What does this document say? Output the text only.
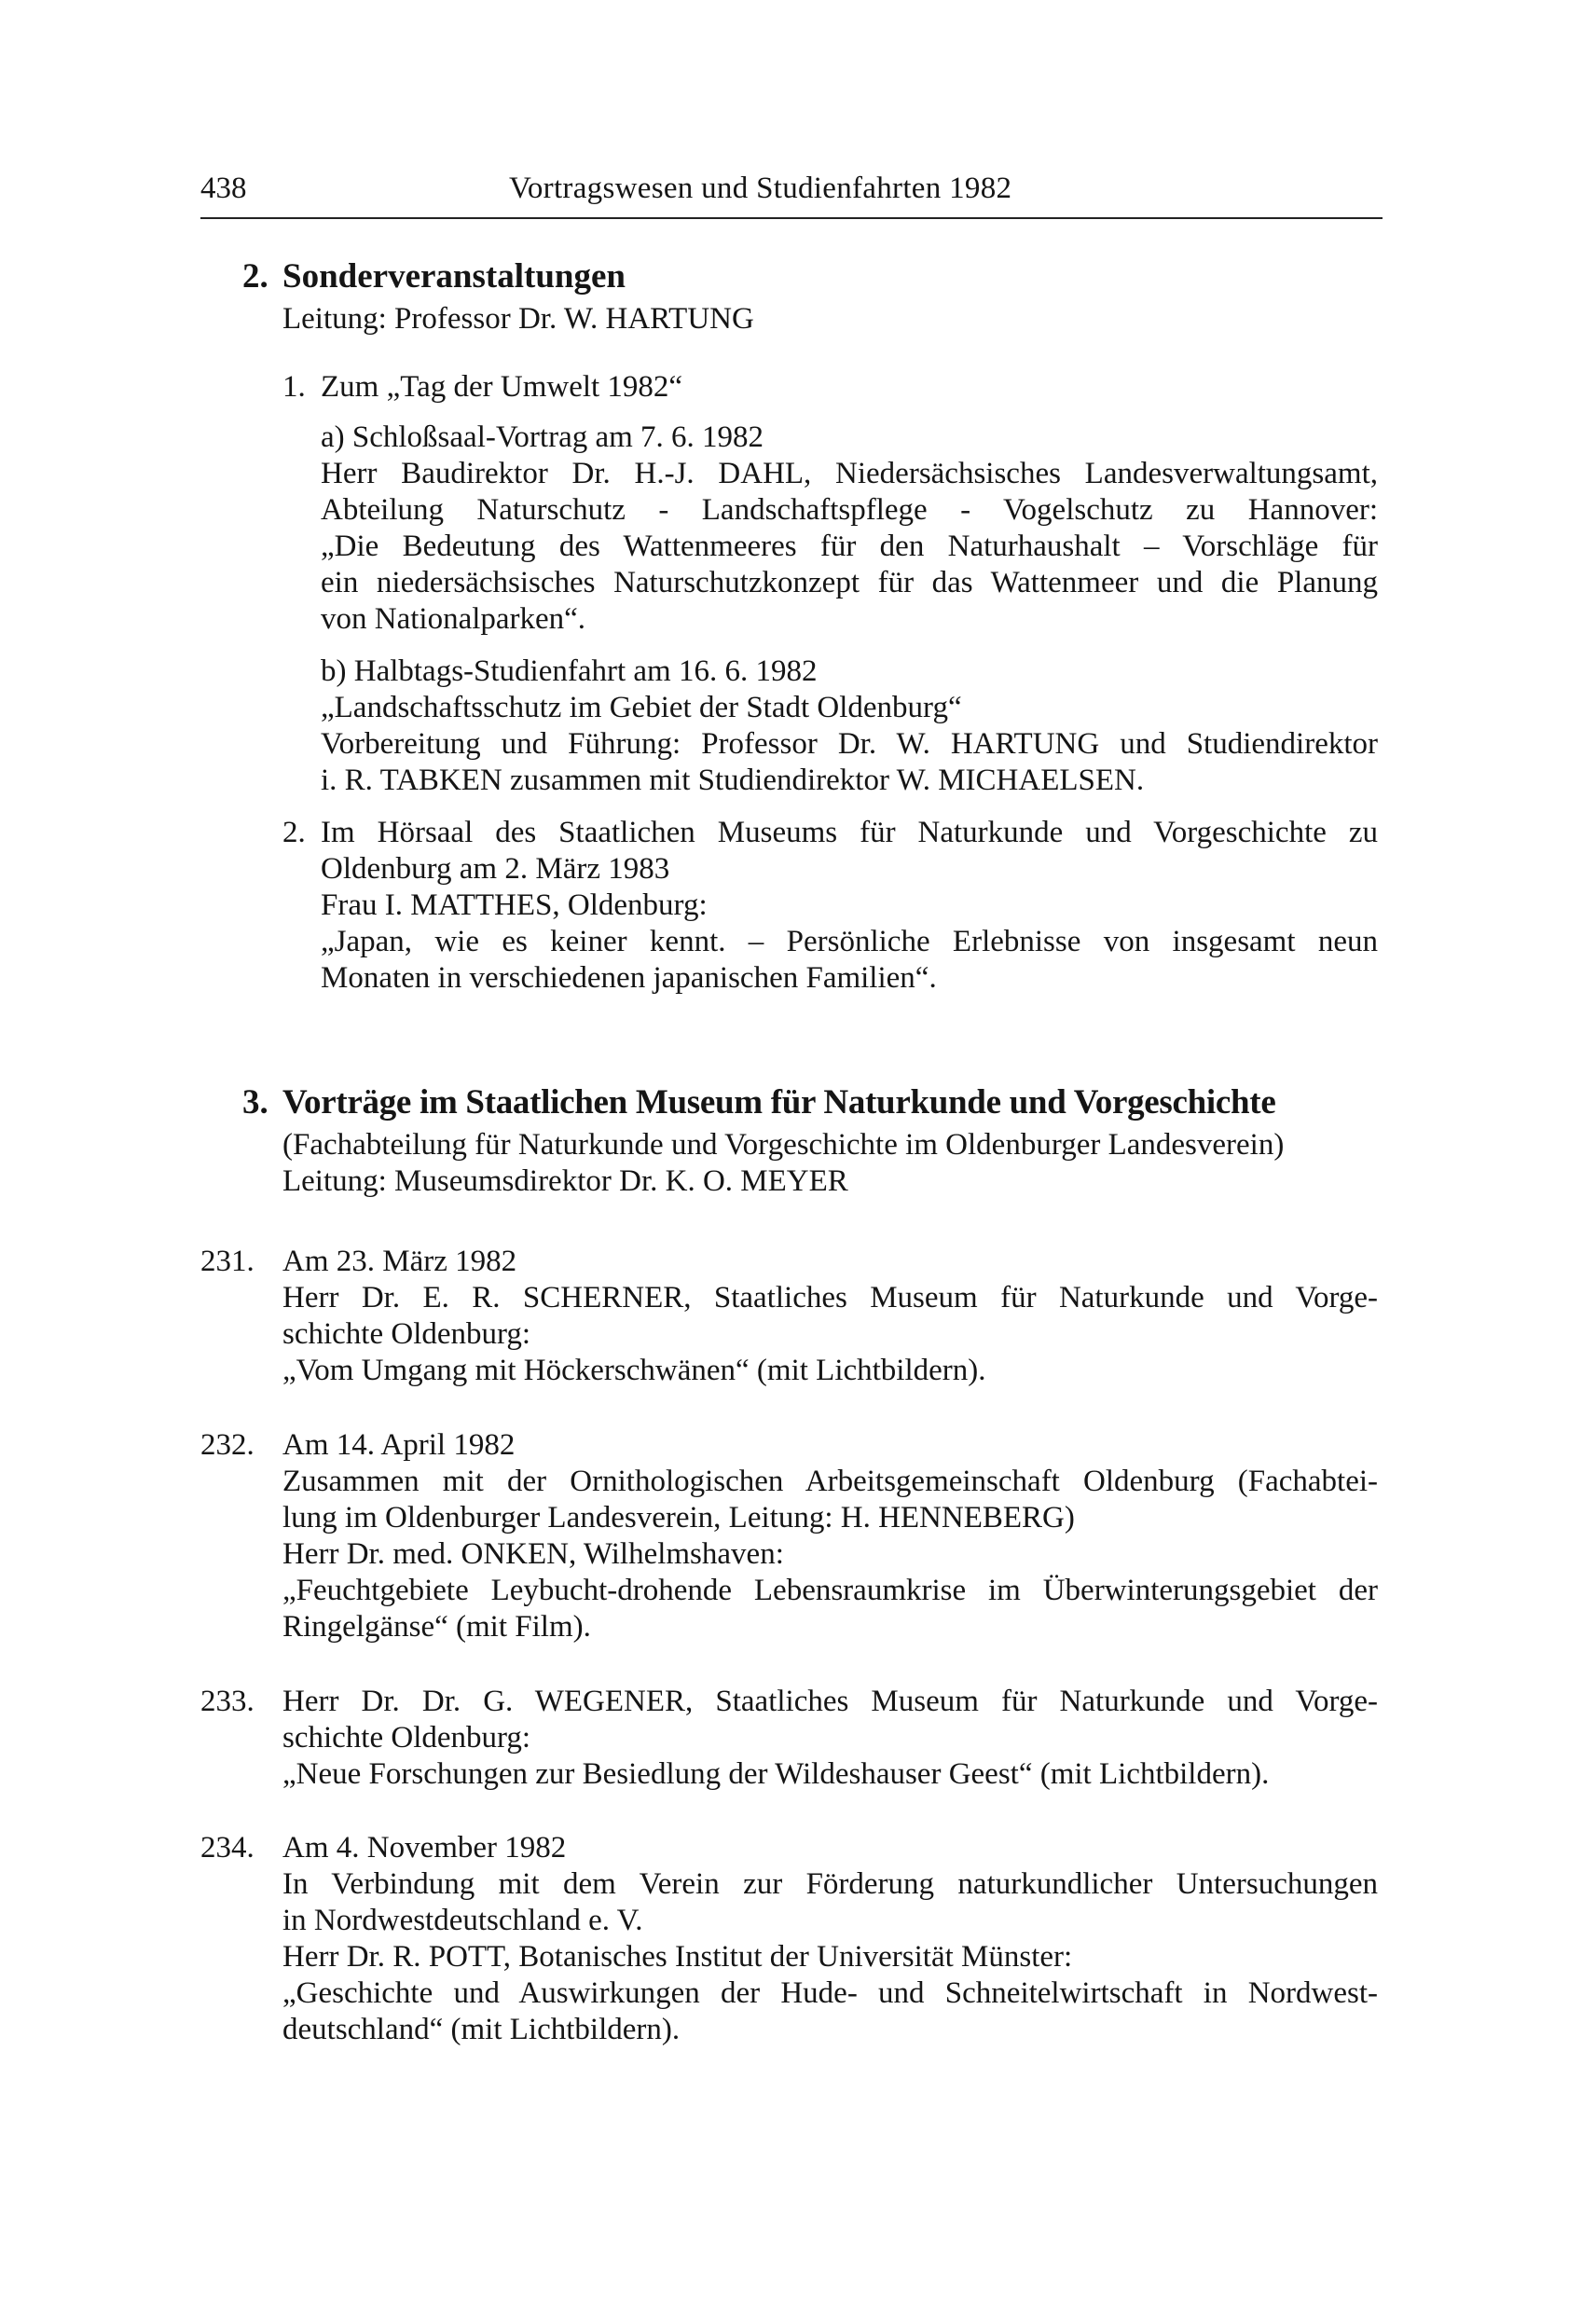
438	Vortragswesen und Studienfahrten 1982
2. Sonderveranstaltungen
Leitung: Professor Dr. W. HARTUNG
1. Zum „Tag der Umwelt 1982“
a) Schloßsaal-Vortrag am 7. 6. 1982
Herr Baudirektor Dr. H.-J. DAHL, Niedersächsisches Landesverwaltungsamt,
Abteilung Naturschutz - Landschaftspflege - Vogelschutz zu Hannover:
„Die Bedeutung des Wattenmeeres für den Naturhaushalt – Vorschläge für
ein niedersächsisches Naturschutzkonzept für das Wattenmeer und die Planung
von Nationalparken“.
b) Halbtags-Studienfahrt am 16. 6. 1982
„Landschaftsschutz im Gebiet der Stadt Oldenburg“
Vorbereitung und Führung: Professor Dr. W. HARTUNG und Studiendirektor
i. R. TABKEN zusammen mit Studiendirektor W. MICHAELSEN.
2. Im Hörsaal des Staatlichen Museums für Naturkunde und Vorgeschichte zu
Oldenburg am 2. März 1983
Frau I. MATTHES, Oldenburg:
„Japan, wie es keiner kennt. – Persönliche Erlebnisse von insgesamt neun
Monaten in verschiedenen japanischen Familien“.
3. Vorträge im Staatlichen Museum für Naturkunde und Vorgeschichte
(Fachabteilung für Naturkunde und Vorgeschichte im Oldenburger Landesverein)
Leitung: Museumsdirektor Dr. K. O. MEYER
231. Am 23. März 1982
Herr Dr. E. R. SCHERNER, Staatliches Museum für Naturkunde und Vorge-
schichte Oldenburg:
„Vom Umgang mit Höckerschwänen“ (mit Lichtbildern).
232. Am 14. April 1982
Zusammen mit der Ornithologischen Arbeitsgemeinschaft Oldenburg (Fachabtei-
lung im Oldenburger Landesverein, Leitung: H. HENNEBERG)
Herr Dr. med. ONKEN, Wilhelmshaven:
„Feuchtgebiete Leybucht-drohende Lebensraumkrise im Überwinterungsgebiet der
Ringelgänse“ (mit Film).
233. Herr Dr. Dr. G. WEGENER, Staatliches Museum für Naturkunde und Vorge-
schichte Oldenburg:
„Neue Forschungen zur Besiedlung der Wildeshauser Geest“ (mit Lichtbildern).
234. Am 4. November 1982
In Verbindung mit dem Verein zur Förderung naturkundlicher Untersuchungen
in Nordwestdeutschland e. V.
Herr Dr. R. POTT, Botanisches Institut der Universität Münster:
„Geschichte und Auswirkungen der Hude- und Schneitelwirtschaft in Nordwest-
deutschland“ (mit Lichtbildern).
